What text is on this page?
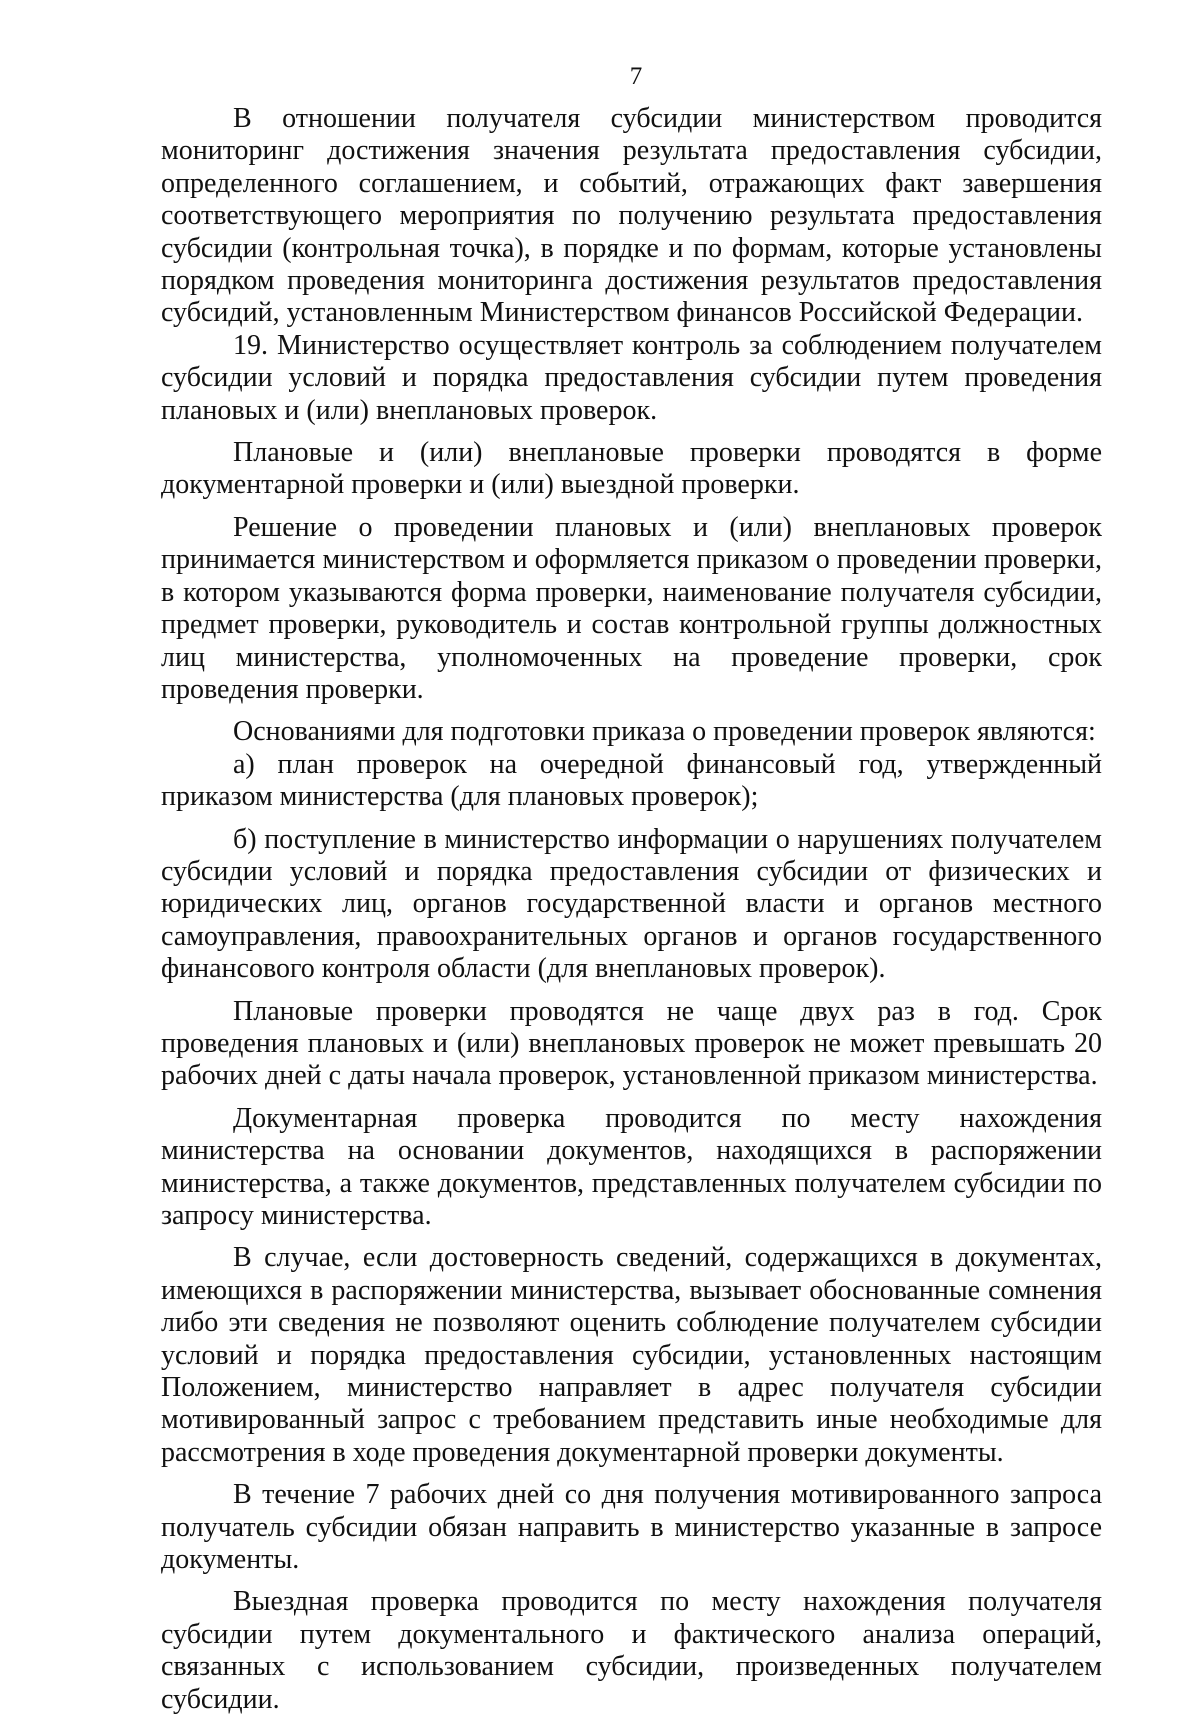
7

В отношении получателя субсидии министерством проводится мониторинг достижения значения результата предоставления субсидии, определенного соглашением, и событий, отражающих факт завершения соответствующего мероприятия по получению результата предоставления субсидии (контрольная точка), в порядке и по формам, которые установлены порядком проведения мониторинга достижения результатов предоставления субсидий, установленным Министерством финансов Российской Федерации.

19. Министерство осуществляет контроль за соблюдением получателем субсидии условий и порядка предоставления субсидии путем проведения плановых и (или) внеплановых проверок.

Плановые и (или) внеплановые проверки проводятся в форме документарной проверки и (или) выездной проверки.

Решение о проведении плановых и (или) внеплановых проверок принимается министерством и оформляется приказом о проведении проверки, в котором указываются форма проверки, наименование получателя субсидии, предмет проверки, руководитель и состав контрольной группы должностных лиц министерства, уполномоченных на проведение проверки, срок проведения проверки.

Основаниями для подготовки приказа о проведении проверок являются:

а) план проверок на очередной финансовый год, утвержденный приказом министерства (для плановых проверок);

б) поступление в министерство информации о нарушениях получателем субсидии условий и порядка предоставления субсидии от физических и юридических лиц, органов государственной власти и органов местного самоуправления, правоохранительных органов и органов государственного финансового контроля области (для внеплановых проверок).

Плановые проверки проводятся не чаще двух раз в год. Срок проведения плановых и (или) внеплановых проверок не может превышать 20 рабочих дней с даты начала проверок, установленной приказом министерства.

Документарная проверка проводится по месту нахождения министерства на основании документов, находящихся в распоряжении министерства, а также документов, представленных получателем субсидии по запросу министерства.

В случае, если достоверность сведений, содержащихся в документах, имеющихся в распоряжении министерства, вызывает обоснованные сомнения либо эти сведения не позволяют оценить соблюдение получателем субсидии условий и порядка предоставления субсидии, установленных настоящим Положением, министерство направляет в адрес получателя субсидии мотивированный запрос с требованием представить иные необходимые для рассмотрения в ходе проведения документарной проверки документы.

В течение 7 рабочих дней со дня получения мотивированного запроса получатель субсидии обязан направить в министерство указанные в запросе документы.

Выездная проверка проводится по месту нахождения получателя субсидии путем документального и фактического анализа операций, связанных с использованием субсидии, произведенных получателем субсидии.
